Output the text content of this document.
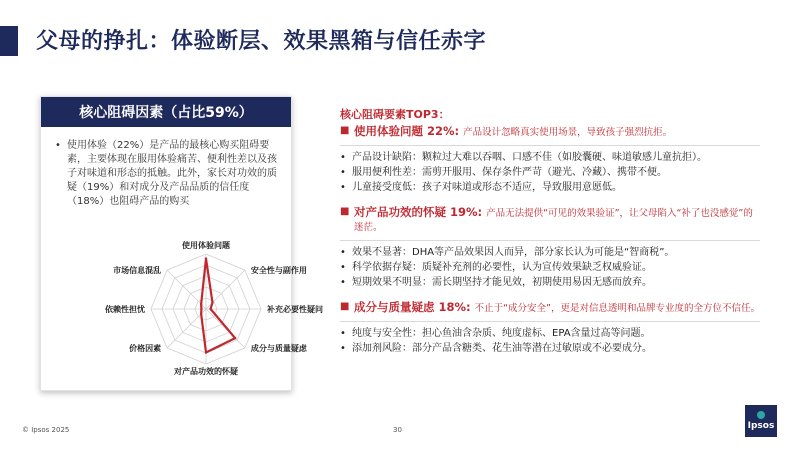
父母的挣扎：体验断层、效果黑箱与信任赤字
核心阻碍因素（占比59%）
• 使用体验（22%）是产品的最核心购买阻碍要素，主要体现在服用体验痛苦、便利性差以及孩子对味道和形态的抵触。此外，家长对功效的质疑（19%）和对成分及产品品质的信任度（18%）也阻碍产品的购买
使用体验问题
安全性与副作用
补充必要性疑问
成分与质量疑虑
对产品功效的怀疑
价格因素
依赖性担忧
市场信息混乱
核心阻碍要素TOP3：
■ 使用体验问题 22%: 产品设计忽略真实使用场景，导致孩子强烈抗拒。
• 产品设计缺陷：颗粒过大难以吞咽、口感不佳（如胶囊硬、味道敏感儿童抗拒）。
• 服用便利性差：需剪开服用、保存条件严苛（避光、冷藏）、携带不便。
• 儿童接受度低：孩子对味道或形态不适应，导致服用意愿低。
■ 对产品功效的怀疑 19%: 产品无法提供“可见的效果验证”，让父母陷入“补了也没感觉”的迷茫。
• 效果不显著：DHA等产品效果因人而异，部分家长认为可能是“智商税”。
• 科学依据存疑：质疑补充剂的必要性，认为宣传效果缺乏权威验证。
• 短期效果不明显：需长期坚持才能见效，初期使用易因无感而放弃。
■ 成分与质量疑虑 18%: 不止于“成分安全”，更是对信息透明和品牌专业度的全方位不信任。
• 纯度与安全性：担心鱼油含杂质、纯度虚标、EPA含量过高等问题。
• 添加剂风险：部分产品含糖类、花生油等潜在过敏原或不必要成分。
© Ipsos 2025	30	Ipsos
